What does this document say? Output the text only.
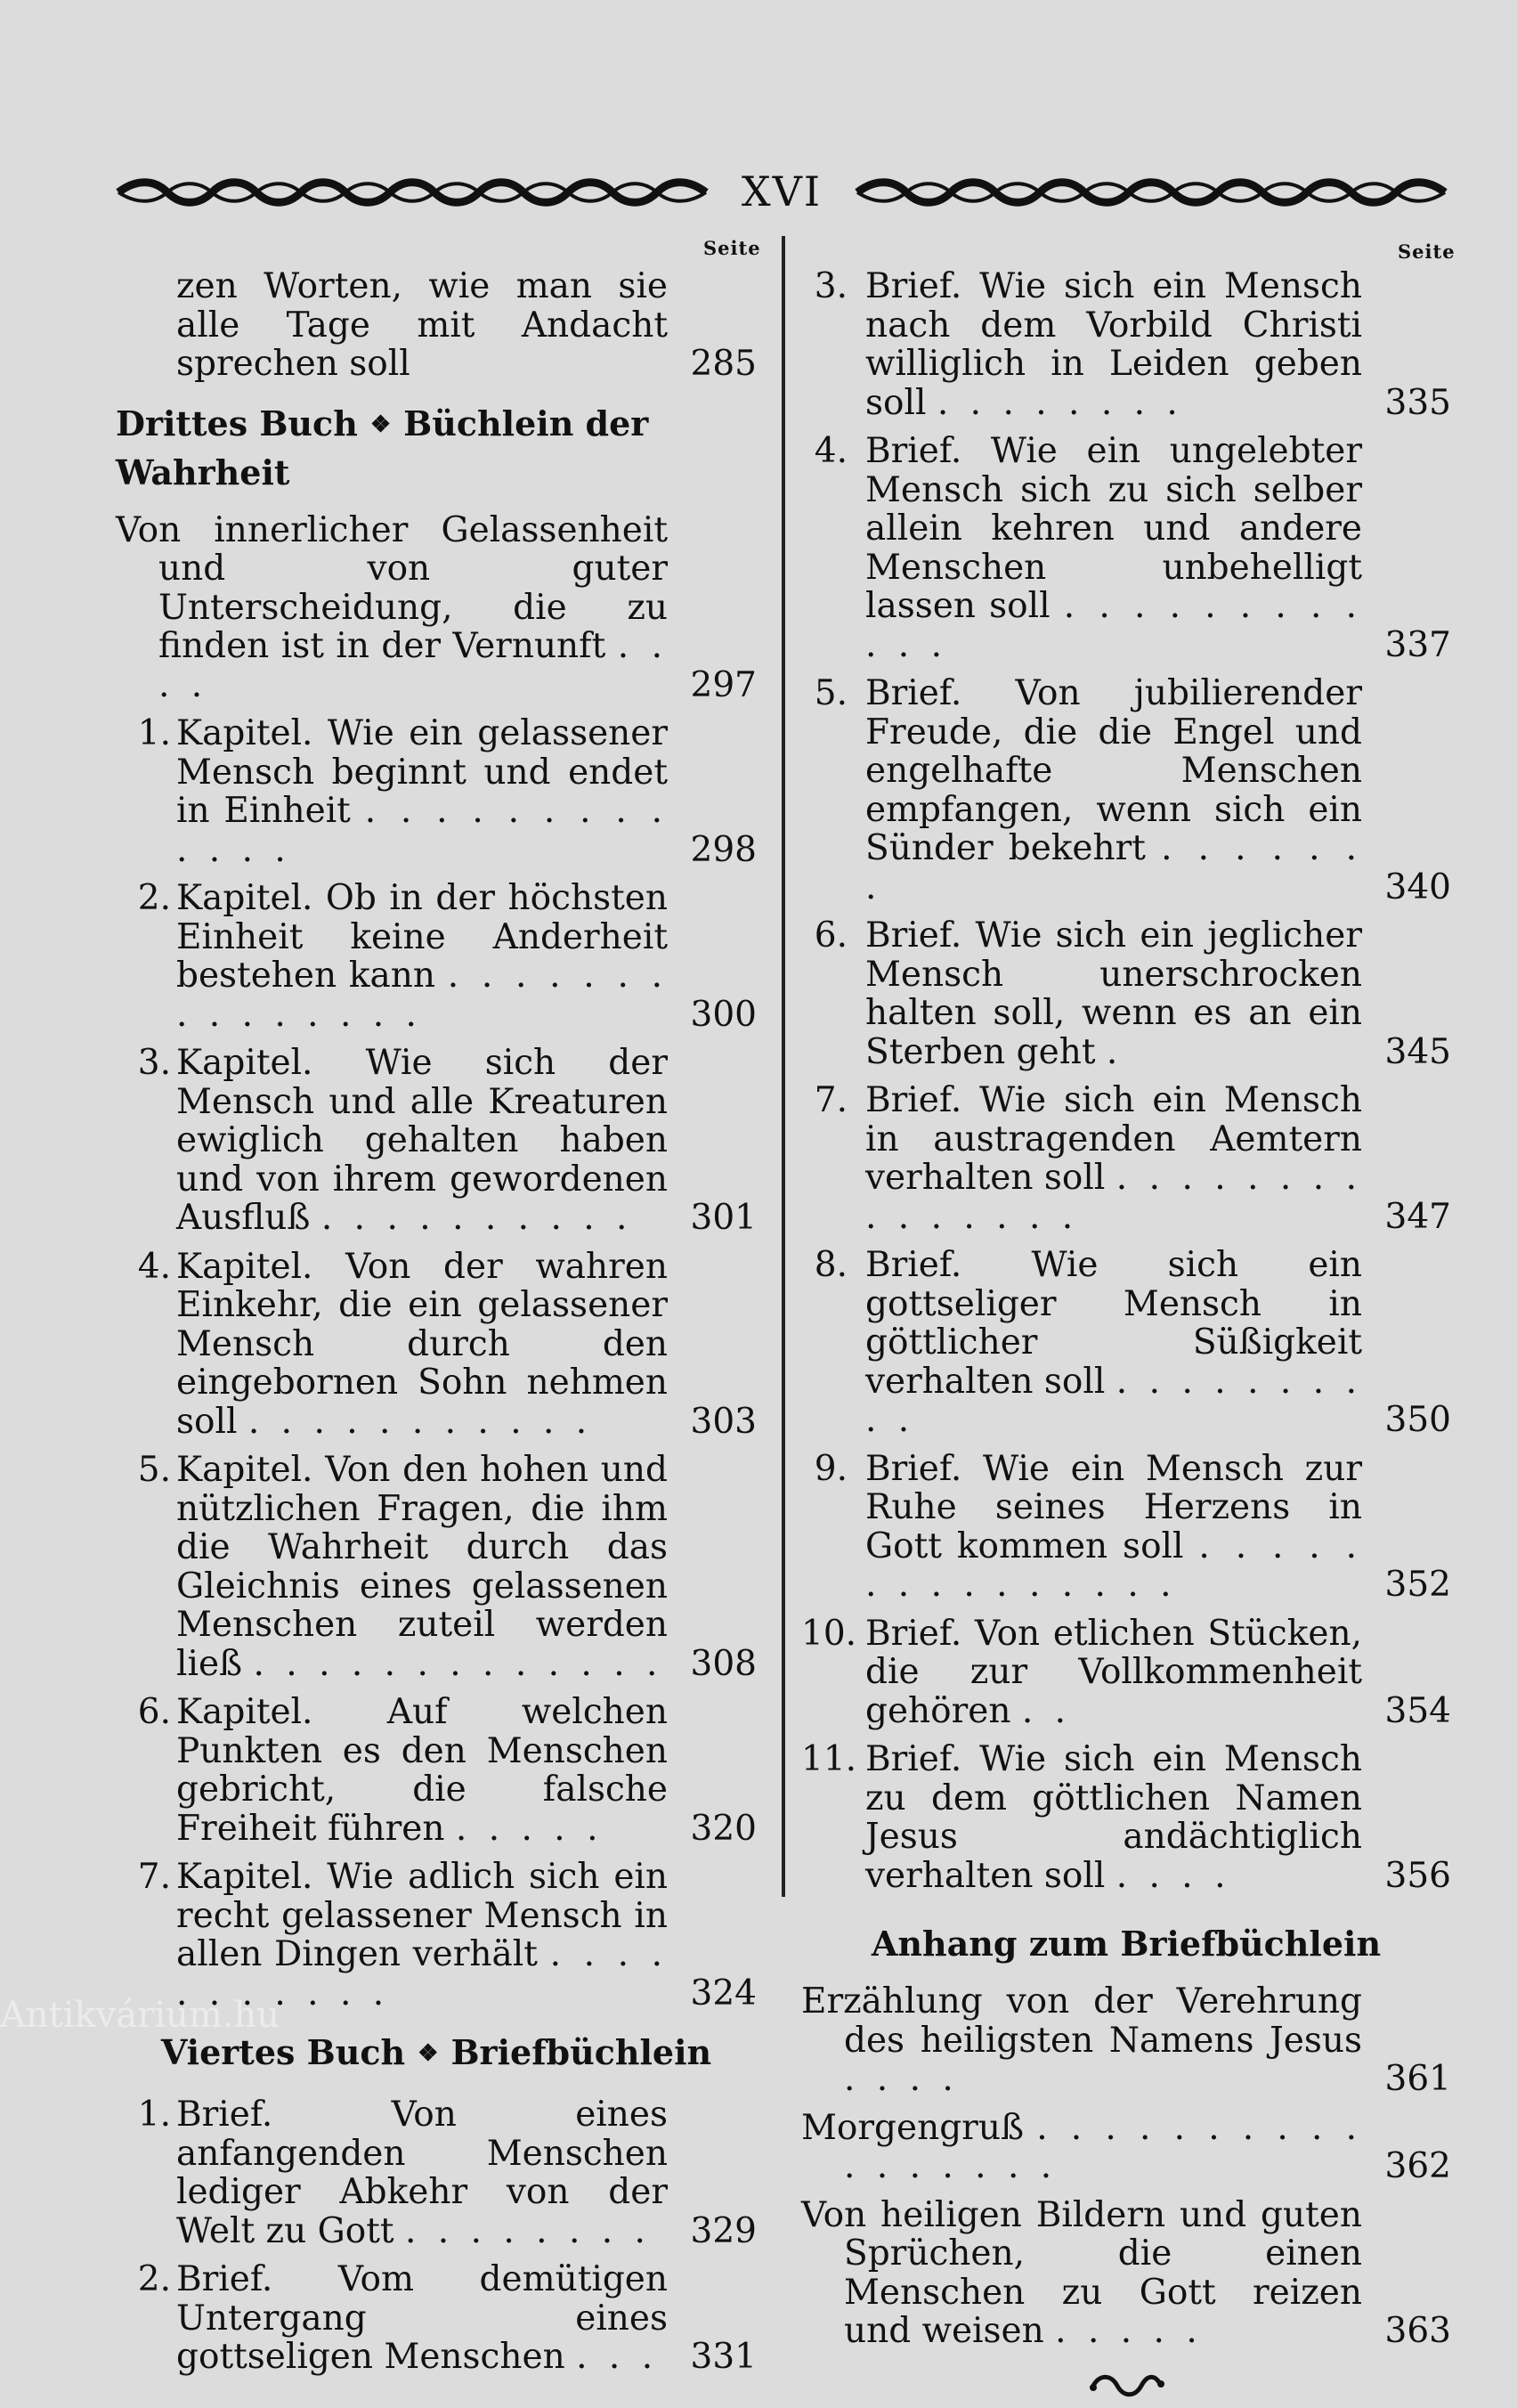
XVI
Seite	Seite
zen Worten, wie man sie alle Tage mit Andacht sprechen soll	285
Drittes Buch ❖ Büchlein der Wahrheit
Von innerlicher Gelassenheit und von guter Unterscheidung, die zu finden ist in der Vernunft . . . .	297
1. Kapitel. Wie ein gelassener Mensch beginnt und endet in Einheit . . . . . . . . . . . . .	298
2. Kapitel. Ob in der höchsten Einheit keine Anderheit bestehen kann . . . . . . . . . . . . . . .	300
3. Kapitel. Wie sich der Mensch und alle Kreaturen ewiglich gehalten haben und von ihrem gewordenen Ausfluß . . . . . . . . . .	301
4. Kapitel. Von der wahren Einkehr, die ein gelassener Mensch durch den eingebornen Sohn nehmen soll . . . . . . . . . . .	303
5. Kapitel. Von den hohen und nützlichen Fragen, die ihm die Wahrheit durch das Gleichnis eines gelassenen Menschen zuteil werden ließ . . . . . . . . . . . . . 308
6. Kapitel. Auf welchen Punkten es den Menschen gebricht, die falsche Freiheit führen . . . . .	320
7. Kapitel. Wie adlich sich ein recht gelassener Mensch in allen Dingen verhält . . . . . . . . . . .	324
Viertes Buch ❖ Briefbüchlein
1. Brief. Von eines anfangenden Menschen lediger Abkehr von der Welt zu Gott . . . . . . . .	329
2. Brief. Vom demütigen Untergang eines gottseligen Menschen . . . 331
3. Brief. Wie sich ein Mensch nach dem Vorbild Christi williglich in Leiden geben soll . . . . . . . .	335
4. Brief. Wie ein ungelebter Mensch sich zu sich selber allein kehren und andere Menschen unbehelligt lassen soll . . . . . . . . . . . .	337
5. Brief. Von jubilierender Freude, die die Engel und engelhafte Menschen empfangen, wenn sich ein Sünder bekehrt . . . . . . .	340
6. Brief. Wie sich ein jeglicher Mensch unerschrocken halten soll, wenn es an ein Sterben geht .	345
7. Brief. Wie sich ein Mensch in austragenden Aemtern verhalten soll . . . . . . . . . . . . . . .	347
8. Brief. Wie sich ein gottseliger Mensch in göttlicher Süßigkeit verhalten soll . . . . . . . . . .	350
9. Brief. Wie ein Mensch zur Ruhe seines Herzens in Gott kommen soll . . . . . . . . . . . . . . .	352
10. Brief. Von etlichen Stücken, die zur Vollkommenheit gehören . .	354
11. Brief. Wie sich ein Mensch zu dem göttlichen Namen Jesus andächtiglich verhalten soll . . . .	356
Anhang zum Briefbüchlein
Erzählung von der Verehrung des heiligsten Namens Jesus . . . .	361
Morgengruß . . . . . . . . . . . . . . . . .	362
Von heiligen Bildern und guten Sprüchen, die einen Menschen zu Gott reizen und weisen . . . . .	363
Antikvárium.hu
